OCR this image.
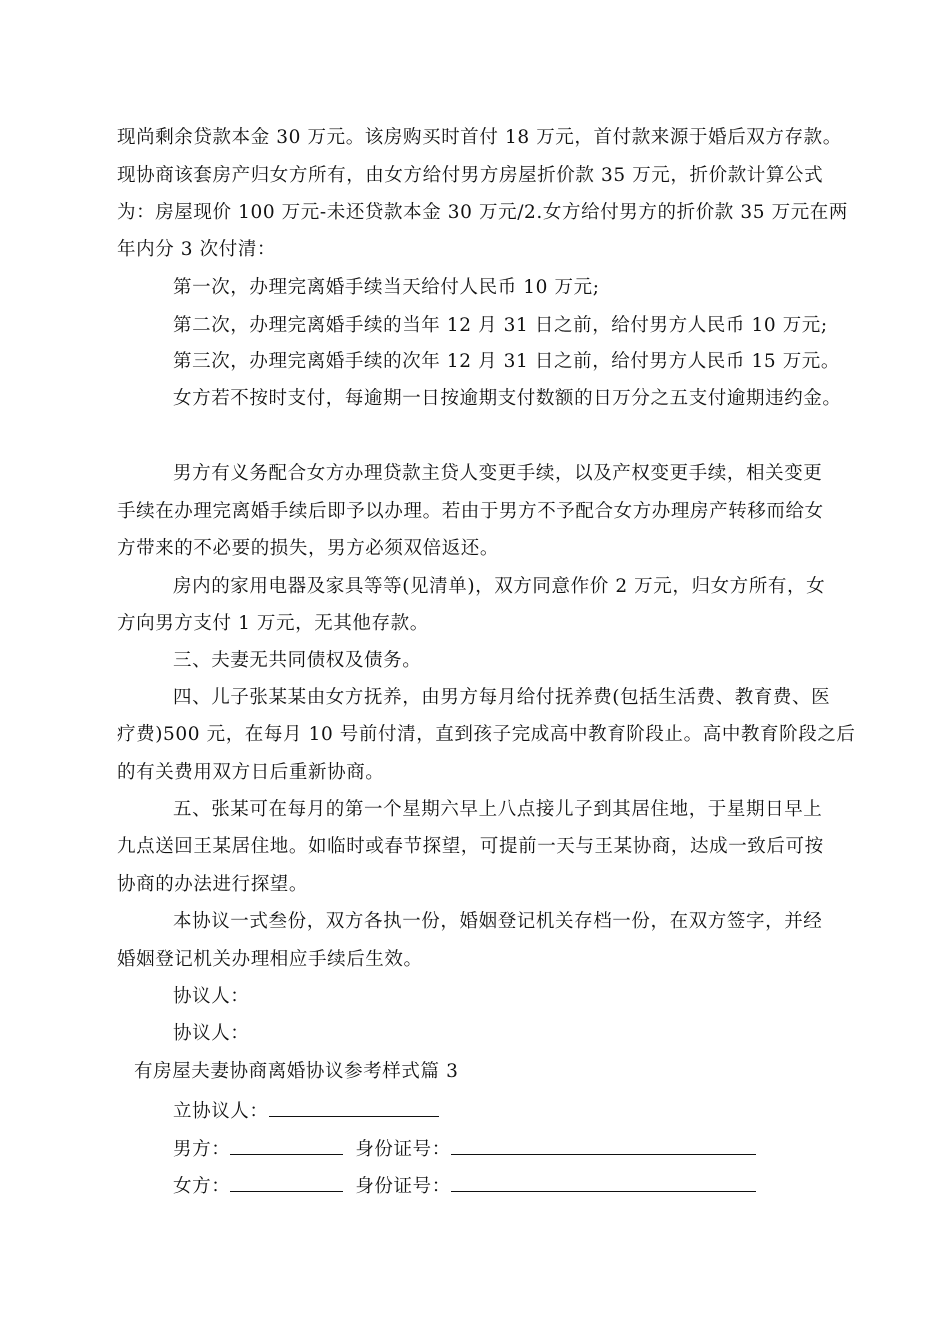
现尚剩余贷款本金 30 万元。该房购买时首付 18 万元，首付款来源于婚后双方存款。
现协商该套房产归女方所有，由女方给付男方房屋折价款 35 万元，折价款计算公式
为：房屋现价 100 万元-未还贷款本金 30 万元/2.女方给付男方的折价款 35 万元在两
年内分 3 次付清：
第一次，办理完离婚手续当天给付人民币 10 万元;
第二次，办理完离婚手续的当年 12 月 31 日之前，给付男方人民币 10 万元;
第三次，办理完离婚手续的次年 12 月 31 日之前，给付男方人民币 15 万元。
女方若不按时支付，每逾期一日按逾期支付数额的日万分之五支付逾期违约金。
男方有义务配合女方办理贷款主贷人变更手续，以及产权变更手续，相关变更
手续在办理完离婚手续后即予以办理。若由于男方不予配合女方办理房产转移而给女
方带来的不必要的损失，男方必须双倍返还。
房内的家用电器及家具等等(见清单)，双方同意作价 2 万元，归女方所有，女
方向男方支付 1 万元，无其他存款。
三、夫妻无共同债权及债务。
四、儿子张某某由女方抚养，由男方每月给付抚养费(包括生活费、教育费、医
疗费)500 元，在每月 10 号前付清，直到孩子完成高中教育阶段止。高中教育阶段之后
的有关费用双方日后重新协商。
五、张某可在每月的第一个星期六早上八点接儿子到其居住地，于星期日早上
九点送回王某居住地。如临时或春节探望，可提前一天与王某协商，达成一致后可按
协商的办法进行探望。
本协议一式叁份，双方各执一份，婚姻登记机关存档一份，在双方签字，并经
婚姻登记机关办理相应手续后生效。
协议人：
协议人：
有房屋夫妻协商离婚协议参考样式篇 3
立协议人：
男方：	身份证号：
女方：	身份证号：
